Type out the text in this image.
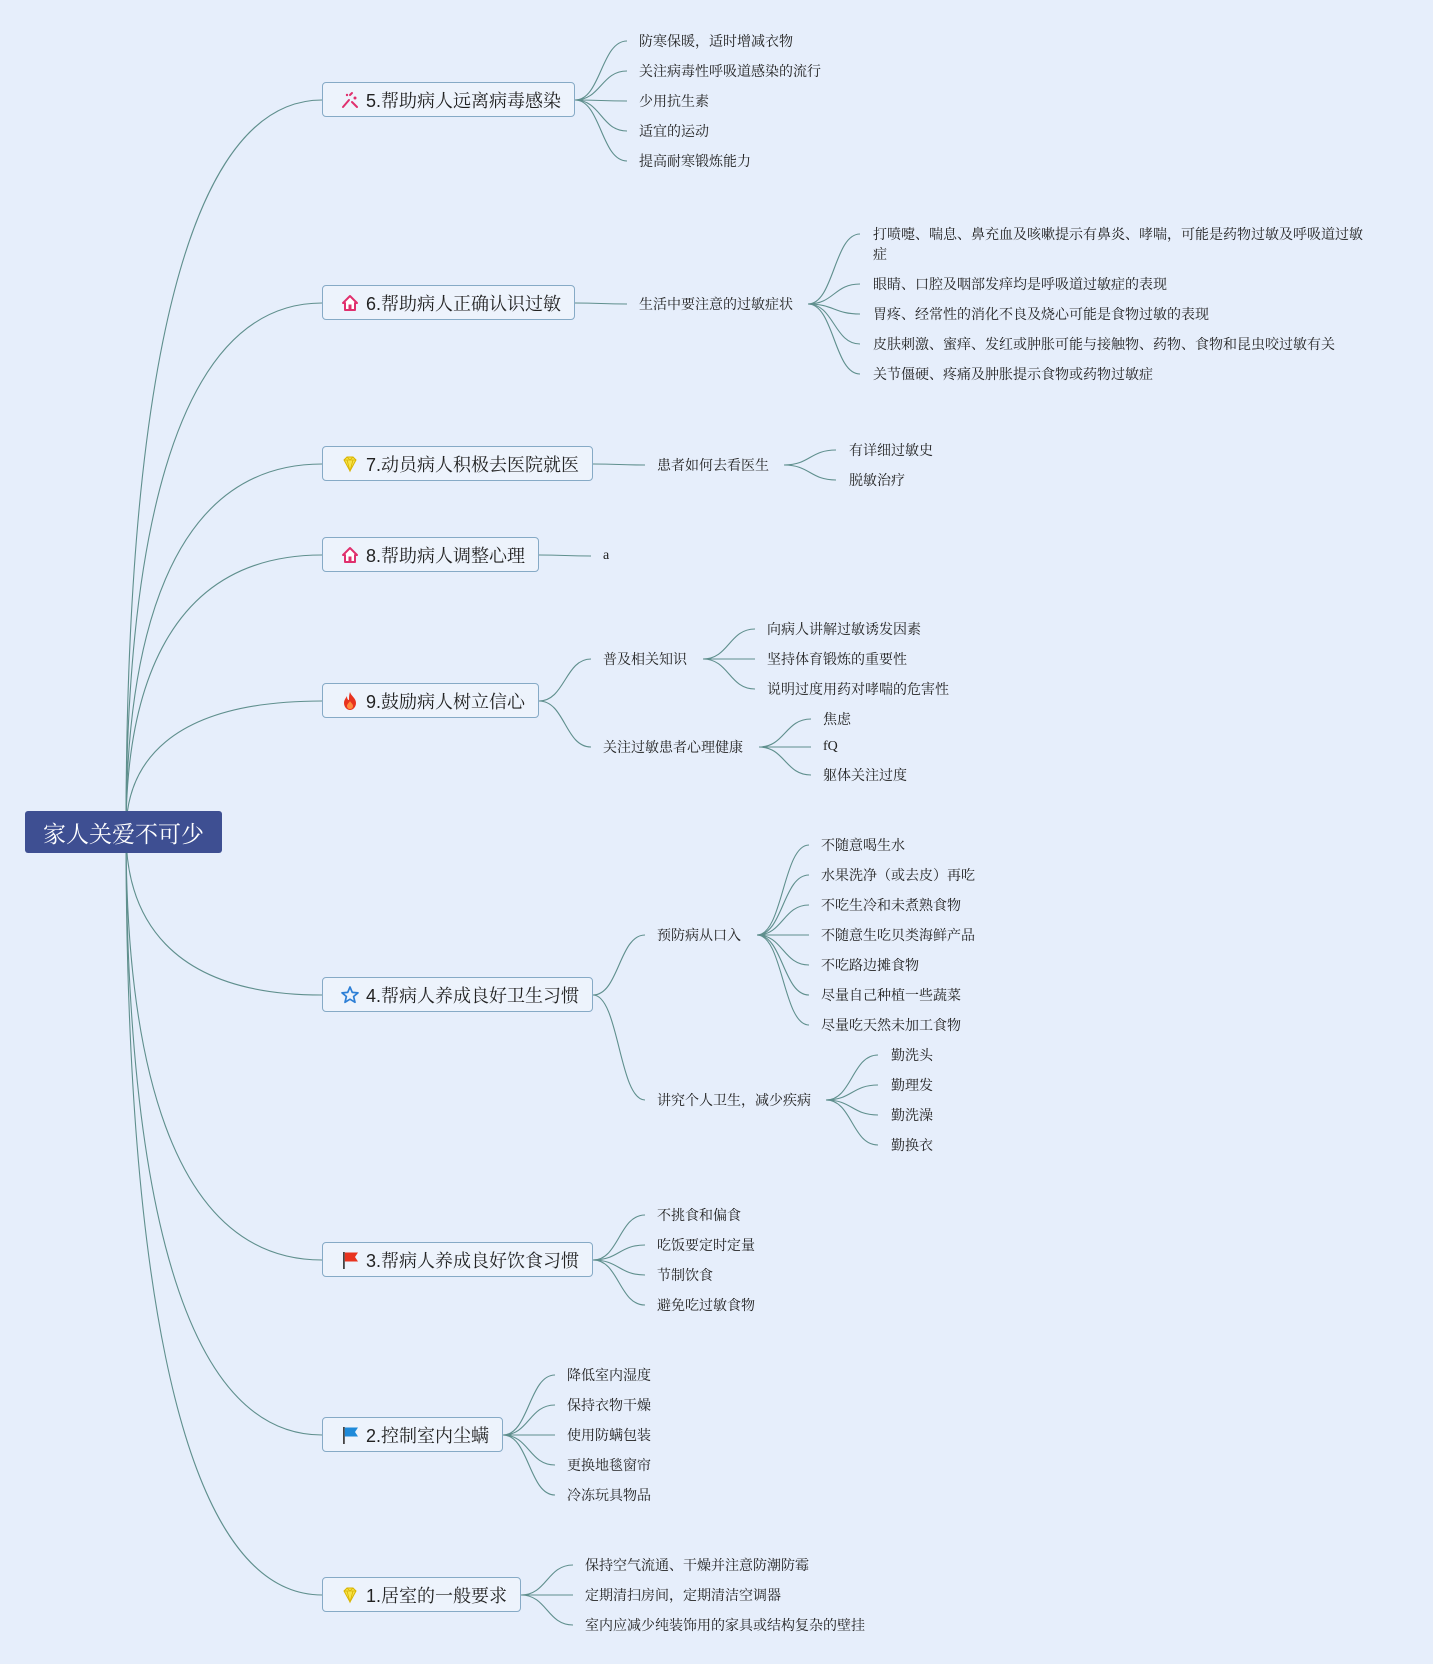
家人关爱不可少
5.帮助病人远离病毒感染
防寒保暖，适时增减衣物
关注病毒性呼吸道感染的流行
少用抗生素
适宜的运动
提高耐寒锻炼能力
6.帮助病人正确认识过敏	生活中要注意的过敏症状
打喷嚏、喘息、鼻充血及咳嗽提示有鼻炎、哮喘，可能是药物过敏及呼吸道过敏症
眼睛、口腔及咽部发痒均是呼吸道过敏症的表现
胃疼、经常性的消化不良及烧心可能是食物过敏的表现
皮肤刺激、蜜痒、发红或肿胀可能与接触物、药物、食物和昆虫咬过敏有关
关节僵硬、疼痛及肿胀提示食物或药物过敏症
7.动员病人积极去医院就医	患者如何去看医生
有详细过敏史
脱敏治疗
8.帮助病人调整心理	a
9.鼓励病人树立信心
普及相关知识
关注过敏患者心理健康
向病人讲解过敏诱发因素
坚持体育锻炼的重要性
说明过度用药对哮喘的危害性
焦虑
fQ
躯体关注过度
4.帮病人养成良好卫生习惯
预防病从口入
讲究个人卫生，减少疾病
不随意喝生水
水果洗净（或去皮）再吃
不吃生冷和未煮熟食物
不随意生吃贝类海鲜产品
不吃路边摊食物
尽量自己种植一些蔬菜
尽量吃天然未加工食物
勤洗头
勤理发
勤洗澡
勤换衣
3.帮病人养成良好饮食习惯
不挑食和偏食
吃饭要定时定量
节制饮食
避免吃过敏食物
2.控制室内尘螨
降低室内湿度
保持衣物干燥
使用防螨包装
更换地毯窗帘
冷冻玩具物品
1.居室的一般要求
保持空气流通、干燥并注意防潮防霉
定期清扫房间，定期清洁空调器
室内应减少纯装饰用的家具或结构复杂的壁挂
